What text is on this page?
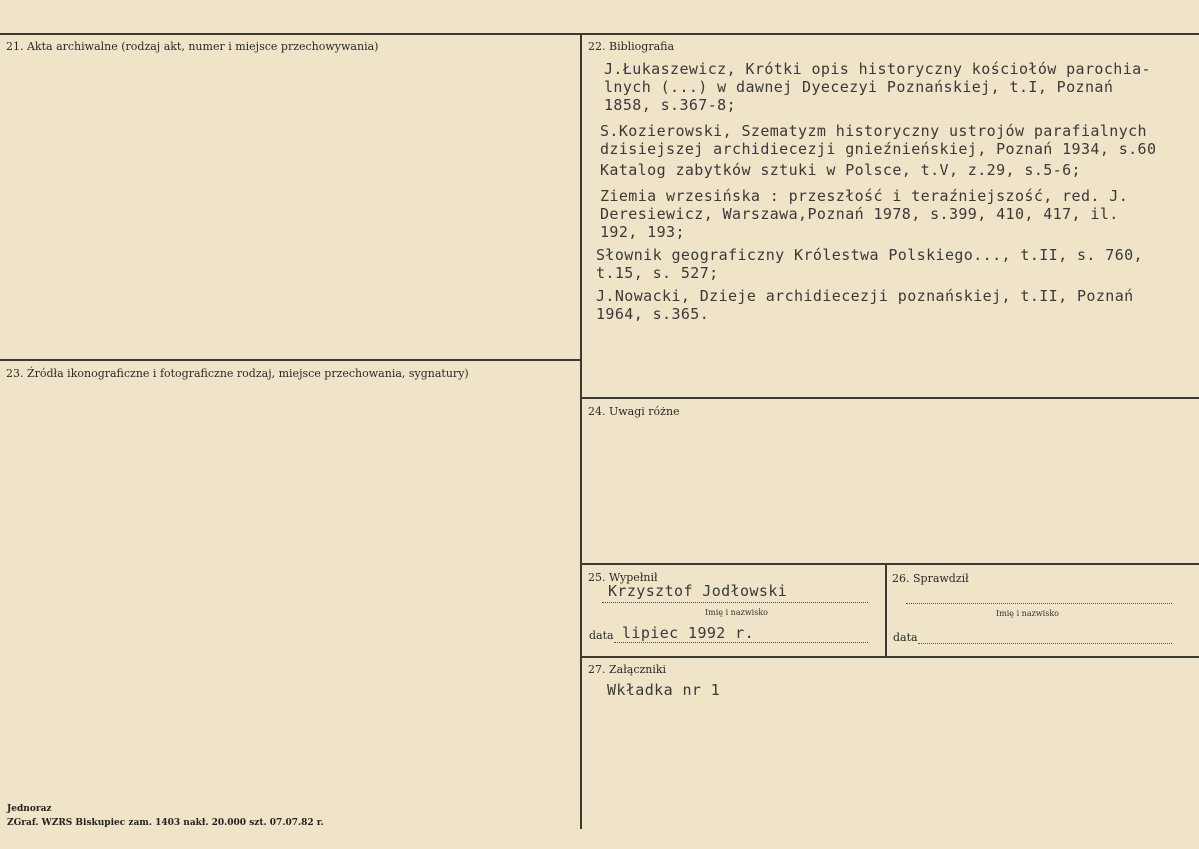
21. Akta archiwalne (rodzaj akt, numer i miejsce przechowywania)	22. Bibliografia
23. Źródła ikonograficzne i fotograficzne rodzaj, miejsce przechowania, sygnatury)
24. Uwagi różne
25. Wypełnił	26. Sprawdził
27. Załączniki
J.Łukaszewicz, Krótki opis historyczny kościołów parochia-
lnych (...) w dawnej Dyecezyi Poznańskiej, t.I, Poznań
1858, s.367-8;
S.Kozierowski, Szematyzm historyczny ustrojów parafialnych
dzisiejszej archidiecezji gnieźnieńskiej, Poznań 1934, s.60
Katalog zabytków sztuki w Polsce, t.V, z.29, s.5-6;
Ziemia wrzesińska : przeszłość i teraźniejszość, red. J.
Deresiewicz, Warszawa,Poznań 1978, s.399, 410, 417, il.
192, 193;
Słownik geograficzny Królestwa Polskiego..., t.II, s. 760,
t.15, s. 527;
J.Nowacki, Dzieje archidiecezji poznańskiej, t.II, Poznań
1964, s.365.
Krzysztof Jodłowski
Imię i nazwisko
data lipiec 1992 r.
Imię i nazwisko
data
Wkładka nr 1
Jednoraz
ZGraf. WZRS Biskupiec zam. 1403 nakł. 20.000 szt. 07.07.82 r.
